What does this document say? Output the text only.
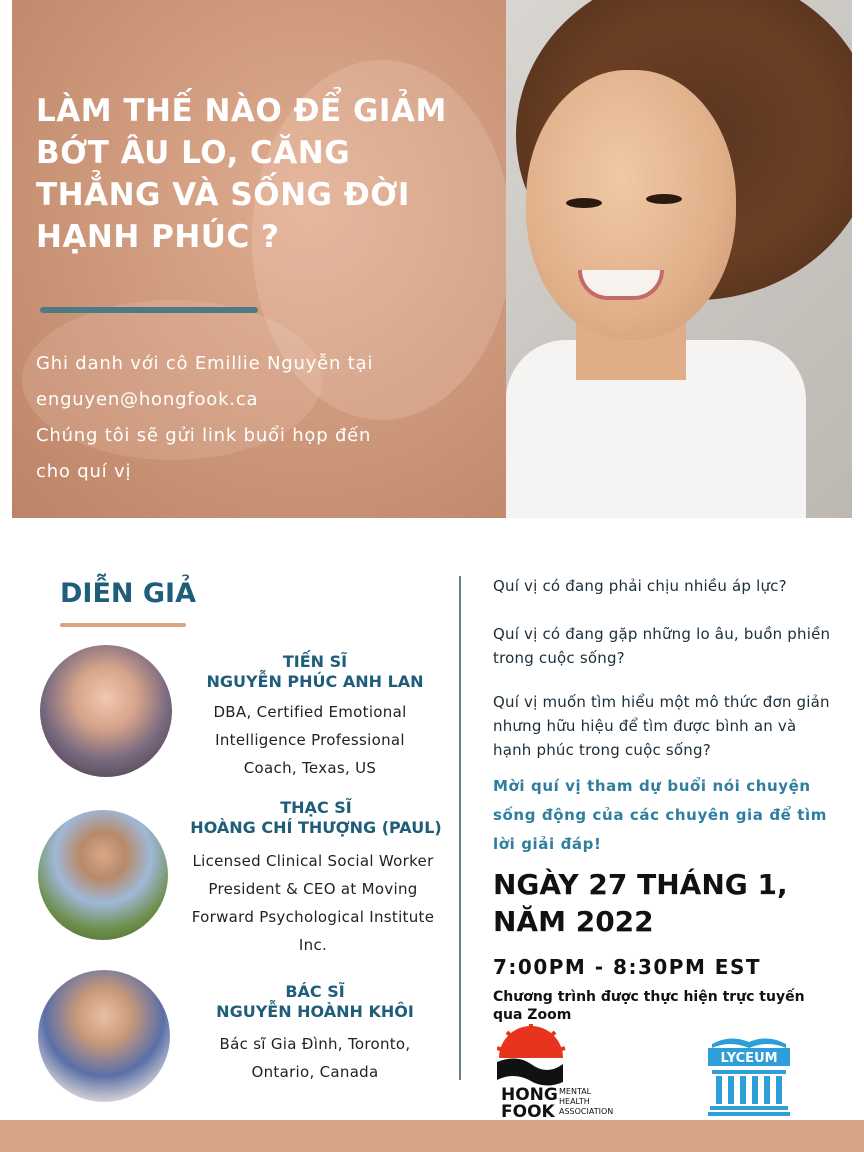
LÀM THẾ NÀO ĐỂ GIẢM BỚT ÂU LO, CĂNG THẲNG VÀ SỐNG ĐỜI HẠNH PHÚC ?
Ghi danh với cô Emillie Nguyễn tại
enguyen@hongfook.ca
Chúng tôi sẽ gửi link buổi họp đến
cho quí vị
DIỄN GIẢ
TIẾN SĨ
NGUYỄN PHÚC ANH LAN
DBA, Certified Emotional
Intelligence Professional
Coach, Texas, US
THẠC SĨ
HOÀNG CHÍ THƯỢNG (PAUL)
Licensed Clinical Social Worker
President & CEO at Moving
Forward Psychological Institute
Inc.
BÁC SĨ
NGUYỄN HOÀNH KHÔI
Bác sĩ Gia Đình, Toronto,
Ontario, Canada

Quí vị có đang phải chịu nhiều áp lực?

Quí vị có đang gặp những lo âu, buồn phiền trong cuộc sống?

Quí vị muốn tìm hiểu một mô thức đơn giản nhưng hữu hiệu để tìm được bình an và hạnh phúc trong cuộc sống?

Mời quí vị tham dự buổi nói chuyện sống động của các chuyên gia để tìm lời giải đáp!
NGÀY 27 THÁNG 1, NĂM 2022
7:00PM - 8:30PM EST
Chương trình được thực hiện trực tuyến qua Zoom
HONG
FOOK
MENTAL
HEALTH
ASSOCIATION
LYCEUM
